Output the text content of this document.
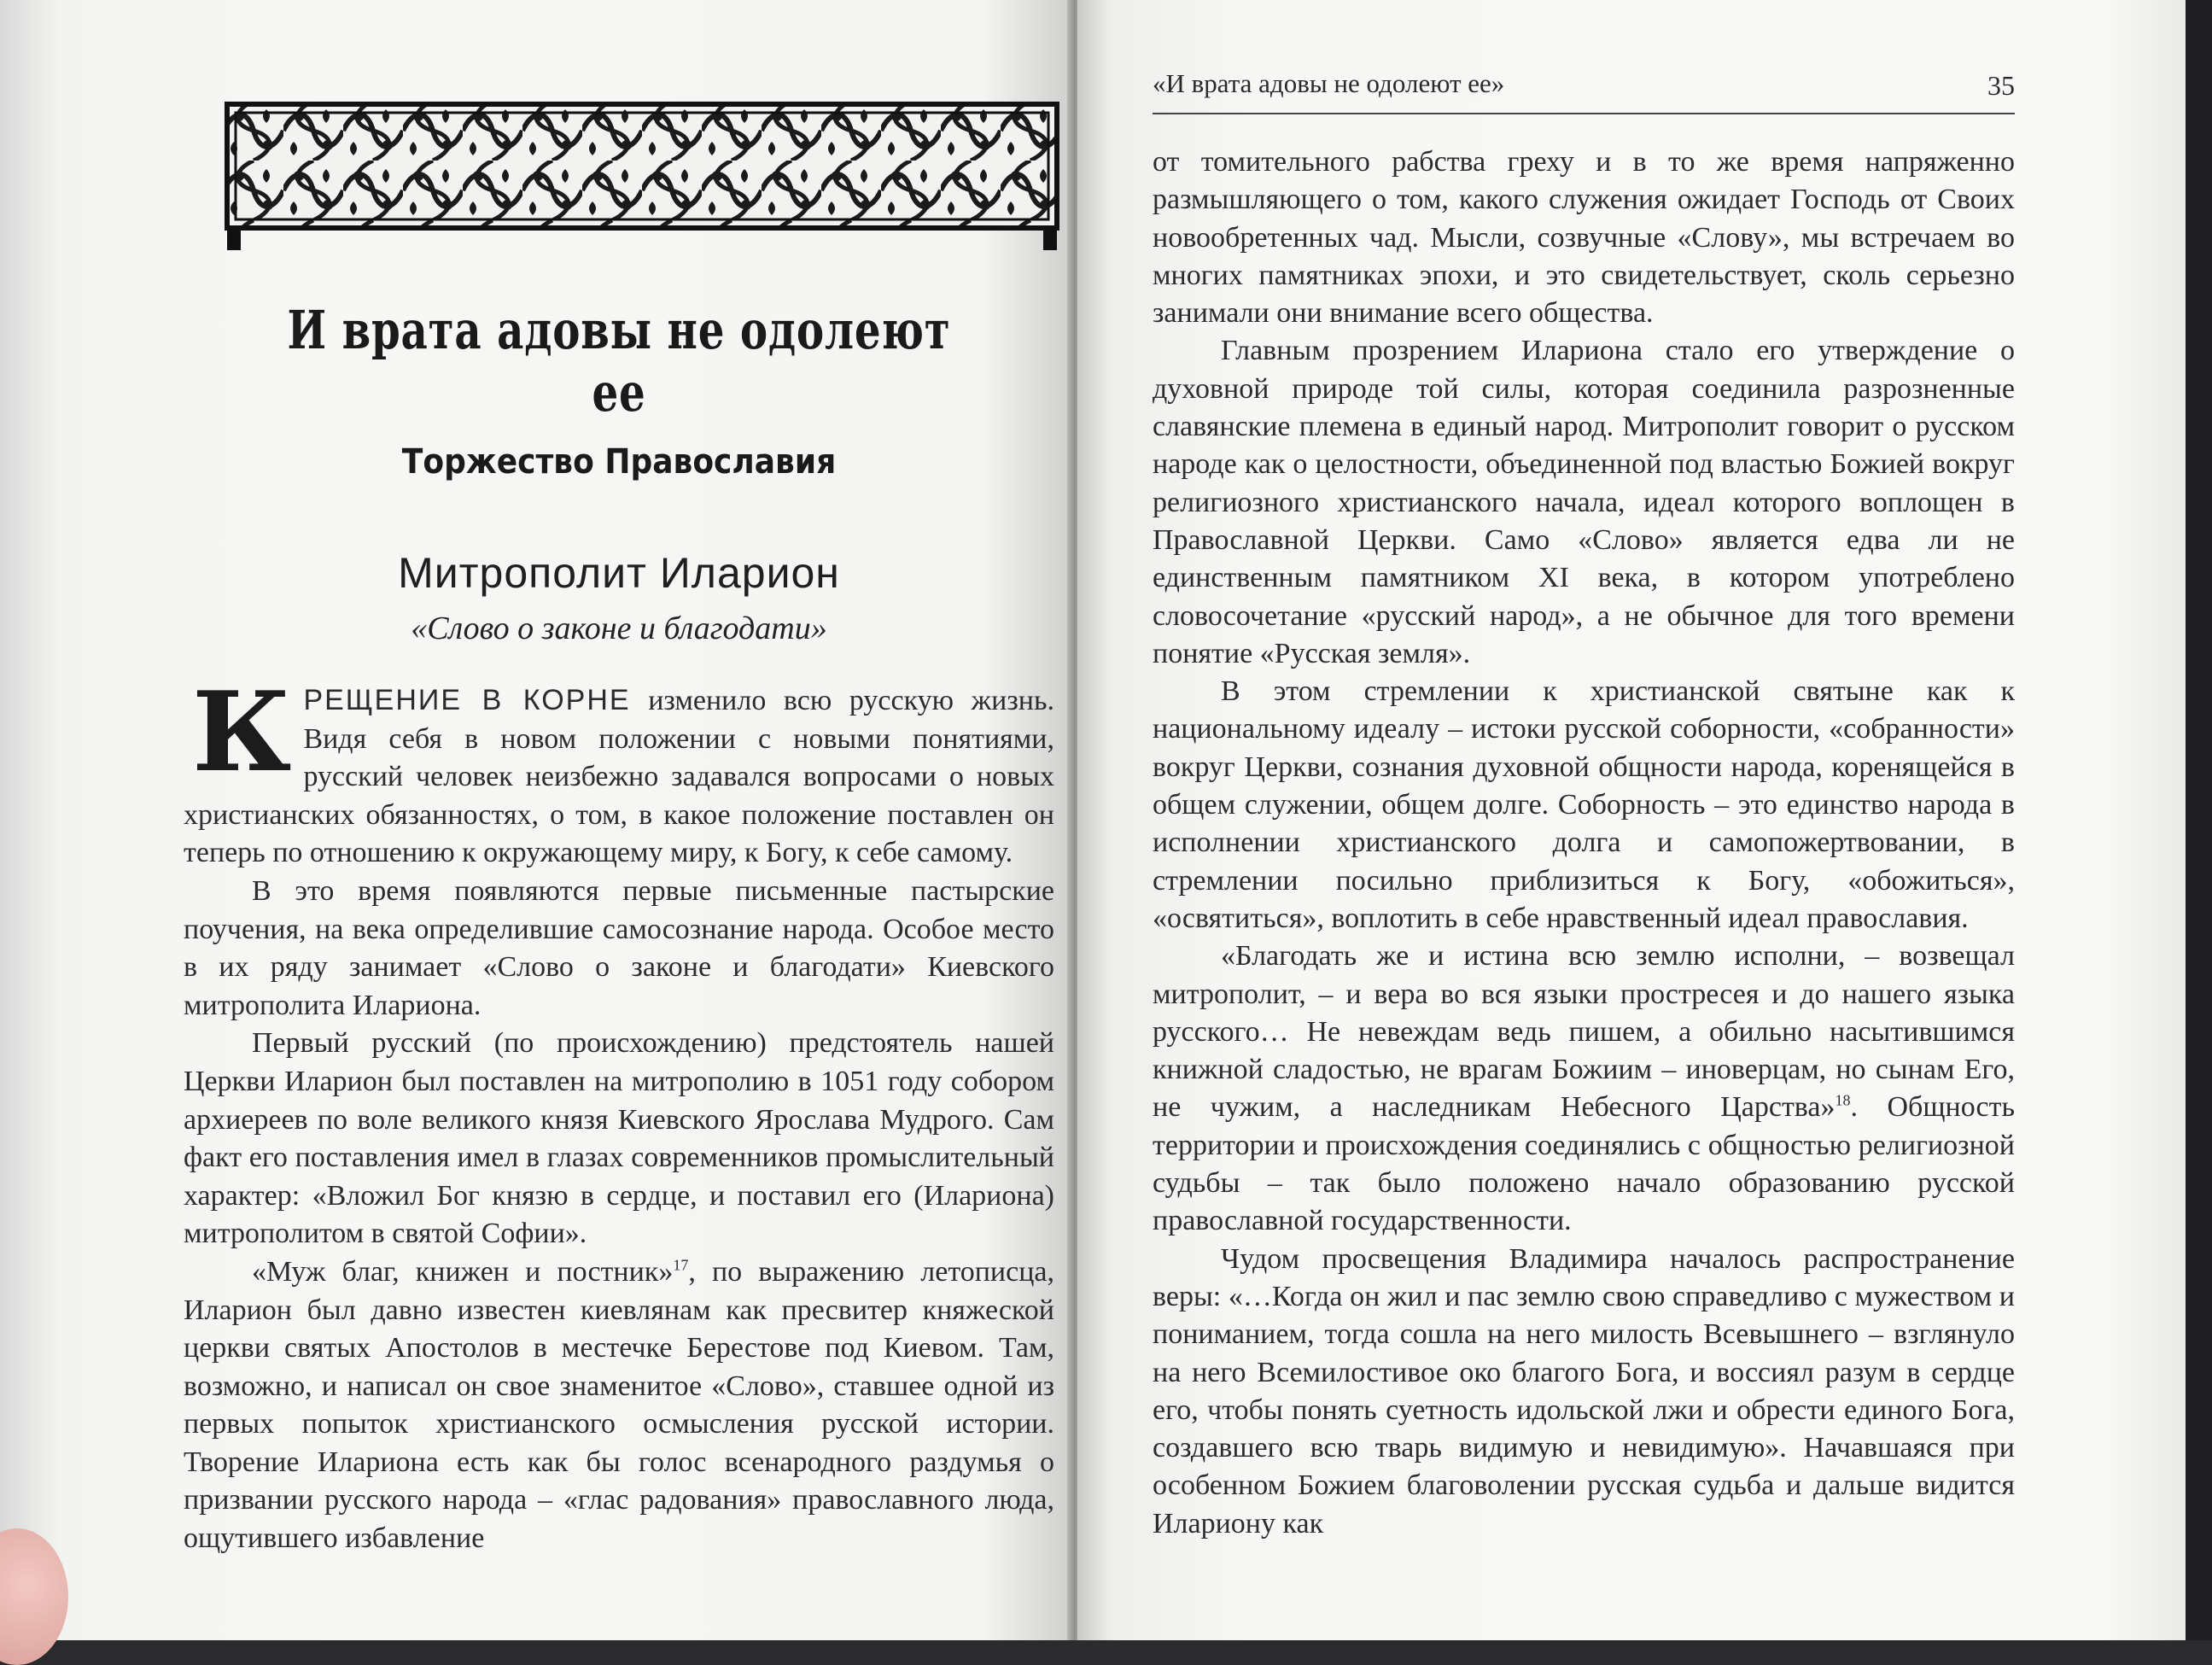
И врата адовы не одолеют ее
Торжество Православия
Митрополит Иларион
«Слово о законе и благодати»

КРЕЩЕНИЕ В КОРНЕ изменило всю русскую жизнь. Видя себя в новом положении с новыми понятиями, русский человек неизбежно задавался вопросами о новых христианских обязанностях, о том, в какое положение поставлен он теперь по отношению к окружающему миру, к Богу, к себе самому.

В это время появляются первые письменные пастырские поучения, на века определившие самосознание народа. Особое место в их ряду занимает «Слово о законе и благодати» Киевского митрополита Илариона.

Первый русский (по происхождению) предстоятель нашей Церкви Иларион был поставлен на митрополию в 1051 году собором архиереев по воле великого князя Киевского Ярослава Мудрого. Сам факт его поставления имел в глазах современников промыслительный характер: «Вложил Бог князю в сердце, и поставил его (Илариона) митрополитом в святой Софии».

«Муж благ, книжен и постник»$^{17}$, по выражению летописца, Иларион был давно известен киевлянам как пресвитер княжеской церкви святых Апостолов в местечке Берестове под Киевом. Там, возможно, и написал он свое знаменитое «Слово», ставшее одной из первых попыток христианского осмысления русской истории. Творение Илариона есть как бы голос всенародного раздумья о призвании русского народа – «глас радования» православного люда, ощутившего избавление

«И врата адовы не одолеют ее»	35

от томительного рабства греху и в то же время напряженно размышляющего о том, какого служения ожидает Господь от Своих новообретенных чад. Мысли, созвучные «Слову», мы встречаем во многих памятниках эпохи, и это свидетельствует, сколь серьезно занимали они внимание всего общества.

Главным прозрением Илариона стало его утверждение о духовной природе той силы, которая соединила разрозненные славянские племена в единый народ. Митрополит говорит о русском народе как о целостности, объединенной под властью Божией вокруг религиозного христианского начала, идеал которого воплощен в Православной Церкви. Само «Слово» является едва ли не единственным памятником XI века, в котором употреблено словосочетание «русский народ», а не обычное для того времени понятие «Русская земля».

В этом стремлении к христианской святыне как к национальному идеалу – истоки русской соборности, «собранности» вокруг Церкви, сознания духовной общности народа, коренящейся в общем служении, общем долге. Соборность – это единство народа в исполнении христианского долга и самопожертвовании, в стремлении посильно приблизиться к Богу, «обожиться», «освятиться», воплотить в себе нравственный идеал православия.

«Благодать же и истина всю землю исполни, – возвещал митрополит, – и вера во вся языки простресея и до нашего языка русского… Не невеждам ведь пишем, а обильно насытившимся книжной сладостью, не врагам Божиим – иноверцам, но сынам Его, не чужим, а наследникам Небесного Царства»$^{18}$. Общность территории и происхождения соединялись с общностью религиозной судьбы – так было положено начало образованию русской православной государственности.

Чудом просвещения Владимира началось распространение веры: «…Когда он жил и пас землю свою справедливо с мужеством и пониманием, тогда сошла на него милость Всевышнего – взглянуло на него Всемилостивое око благого Бога, и воссиял разум в сердце его, чтобы понять суетность идольской лжи и обрести единого Бога, создавшего всю тварь видимую и невидимую». Начавшаяся при особенном Божием благоволении русская судьба и дальше видится Илариону как
